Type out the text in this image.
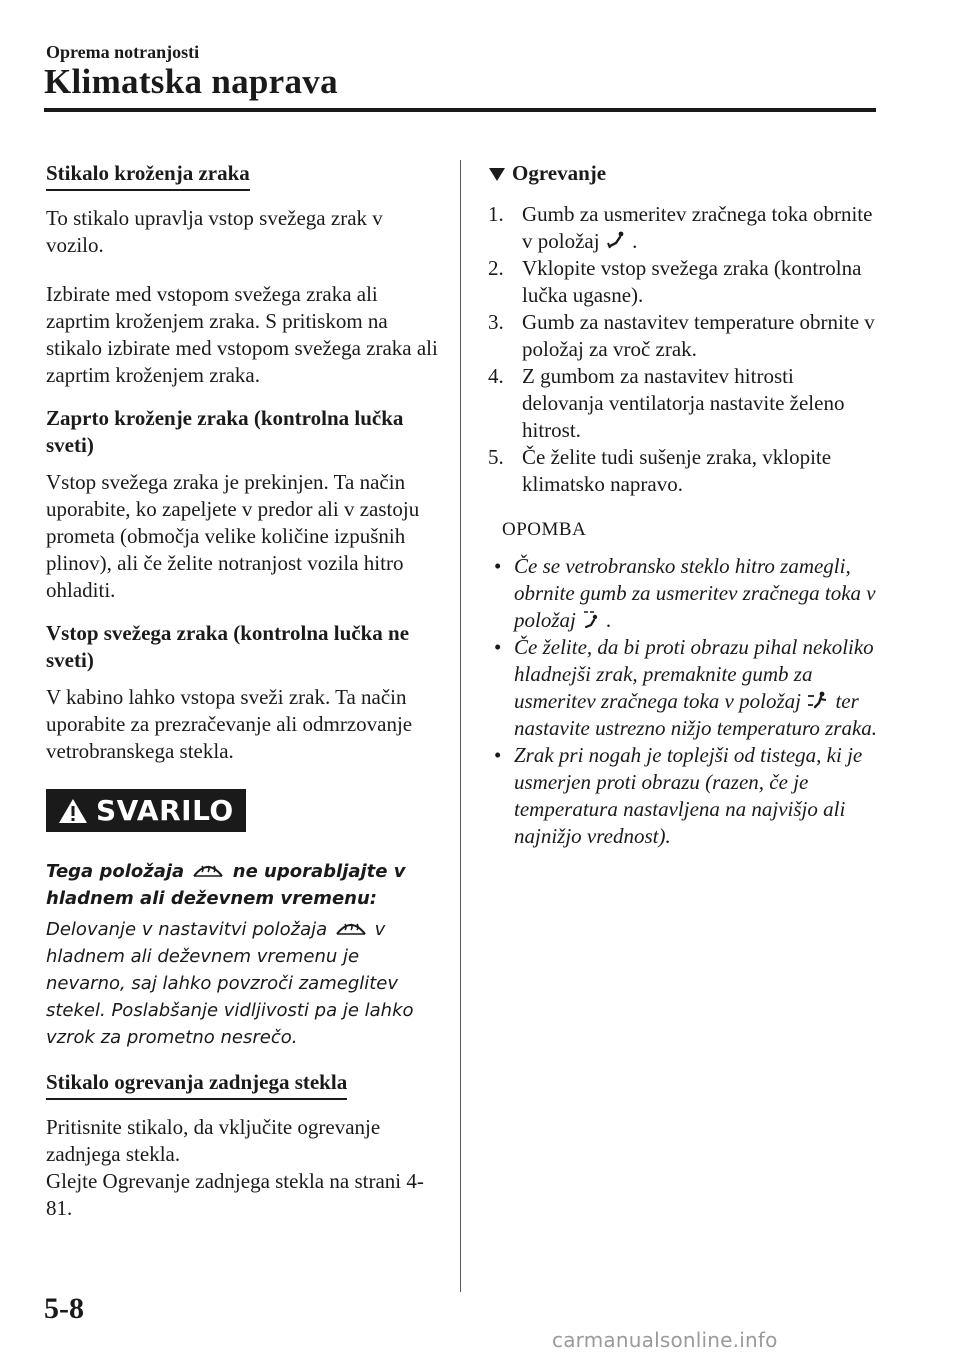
Oprema notranjosti
Klimatska naprava
Stikalo kroženja zraka

To stikalo upravlja vstop svežega zrak v vozilo.

Izbirate med vstopom svežega zraka ali zaprtim kroženjem zraka. S pritiskom na stikalo izbirate med vstopom svežega zraka ali zaprtim kroženjem zraka.

Zaprto kroženje zraka (kontrolna lučka sveti)

Vstop svežega zraka je prekinjen. Ta način uporabite, ko zapeljete v predor ali v zastoju prometa (območja velike količine izpušnih plinov), ali če želite notranjost vozila hitro ohladiti.

Vstop svežega zraka (kontrolna lučka ne sveti)

V kabino lahko vstopa sveži zrak. Ta način uporabite za prezračevanje ali odmrzovanje vetrobranskega stekla.

SVARILO
Tega položaja	ne uporabljajte v hladnem ali deževnem vremenu:

Delovanje v nastavitvi položaja	v hladnem ali deževnem vremenu je nevarno, saj lahko povzroči zameglitev stekel. Poslabšanje vidljivosti pa je lahko vzrok za prometno nesrečo.

Stikalo ogrevanja zadnjega stekla

Pritisnite stikalo, da vključite ogrevanje zadnjega stekla.

Glejte Ogrevanje zadnjega stekla na strani 4-81.

Ogrevanje
1. Gumb za usmeritev zračnega toka obrnite v položaj .
2. Vklopite vstop svežega zraka (kontrolna lučka ugasne).
3. Gumb za nastavitev temperature obrnite v položaj za vroč zrak.
4. Z gumbom za nastavitev hitrosti delovanja ventilatorja nastavite želeno hitrost.
5. Če želite tudi sušenje zraka, vklopite klimatsko napravo.
OPOMBA
• Če se vetrobransko steklo hitro zamegli, obrnite gumb za usmeritev zračnega toka v položaj .
• Če želite, da bi proti obrazu pihal nekoliko hladnejši zrak, premaknite gumb za usmeritev zračnega toka v položaj ter nastavite ustrezno nižjo temperaturo zraka.
• Zrak pri nogah je toplejši od tistega, ki je usmerjen proti obrazu (razen, če je temperatura nastavljena na najvišjo ali najnižjo vrednost).
5-8
carmanualsonline.info
